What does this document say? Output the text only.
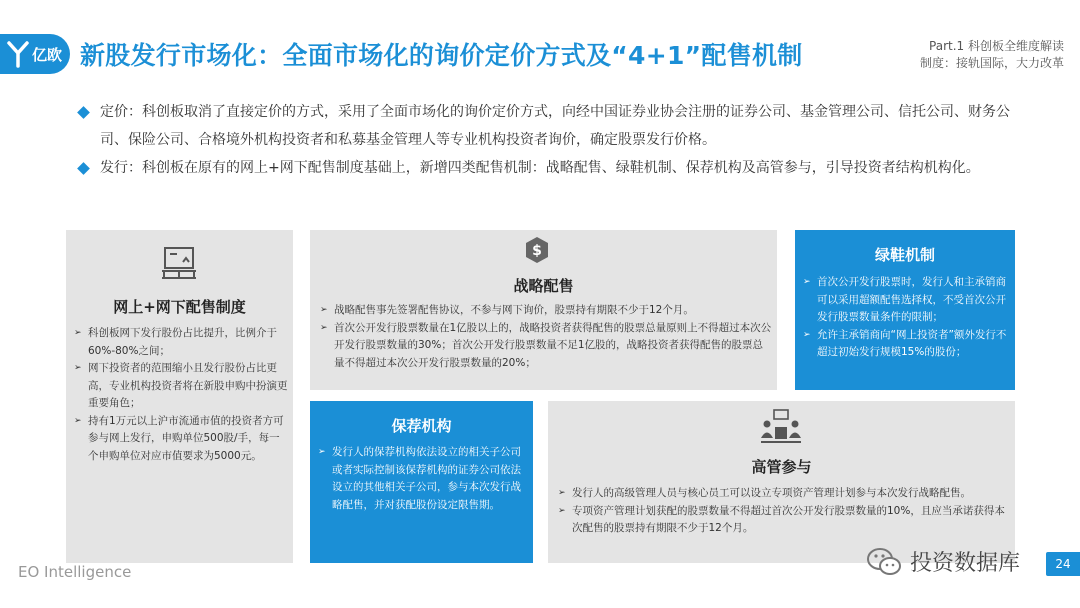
亿欧 新股发行市场化：全面市场化的询价定价方式及“4+1”配售机制	Part.1 科创板全维度解读
制度：接轨国际，大力改革
定价：科创板取消了直接定价的方式，采用了全面市场化的询价定价方式，向经中国证券业协会注册的证券公司、基金管理公司、信托公司、财务公司、保险公司、合格境外机构投资者和私募基金管理人等专业机构投资者询价，确定股票发行价格。
发行：科创板在原有的网上+网下配售制度基础上，新增四类配售机制：战略配售、绿鞋机制、保荐机构及高管参与，引导投资者结构机构化。
网上+网下配售制度
➢ 科创板网下发行股份占比提升，比例介于 60%-80%之间；
➢ 网下投资者的范围缩小且发行股份占比更高，专业机构投资者将在新股申购中扮演更重要角色；
➢ 持有1万元以上沪市流通市值的投资者方可参与网上发行，申购单位500股/手，每一个申购单位对应市值要求为5000元。
$
战略配售
➢ 战略配售事先签署配售协议，不参与网下询价，股票持有期限不少于12个月。
➢ 首次公开发行股票数量在1亿股以上的，战略投资者获得配售的股票总量原则上不得超过本次公开发行股票数量的30%；首次公开发行股票数量不足1亿股的，战略投资者获得配售的股票总量不得超过本次公开发行股票数量的20%；
绿鞋机制
➢ 首次公开发行股票时，发行人和主承销商可以采用超额配售选择权，不受首次公开发行股票数量条件的限制；
➢ 允许主承销商向“网上投资者”额外发行不超过初始发行规模15%的股份；
保荐机构
➢ 发行人的保荐机构依法设立的相关子公司或者实际控制该保荐机构的证券公司依法设立的其他相关子公司，参与本次发行战略配售，并对获配股份设定限售期。
高管参与
➢ 发行人的高级管理人员与核心员工可以设立专项资产管理计划参与本次发行战略配售。
➢ 专项资产管理计划获配的股票数量不得超过首次公开发行股票数量的10%，且应当承诺获得本次配售的股票持有期限不少于12个月。
EO Intelligence	投资数据库	24
